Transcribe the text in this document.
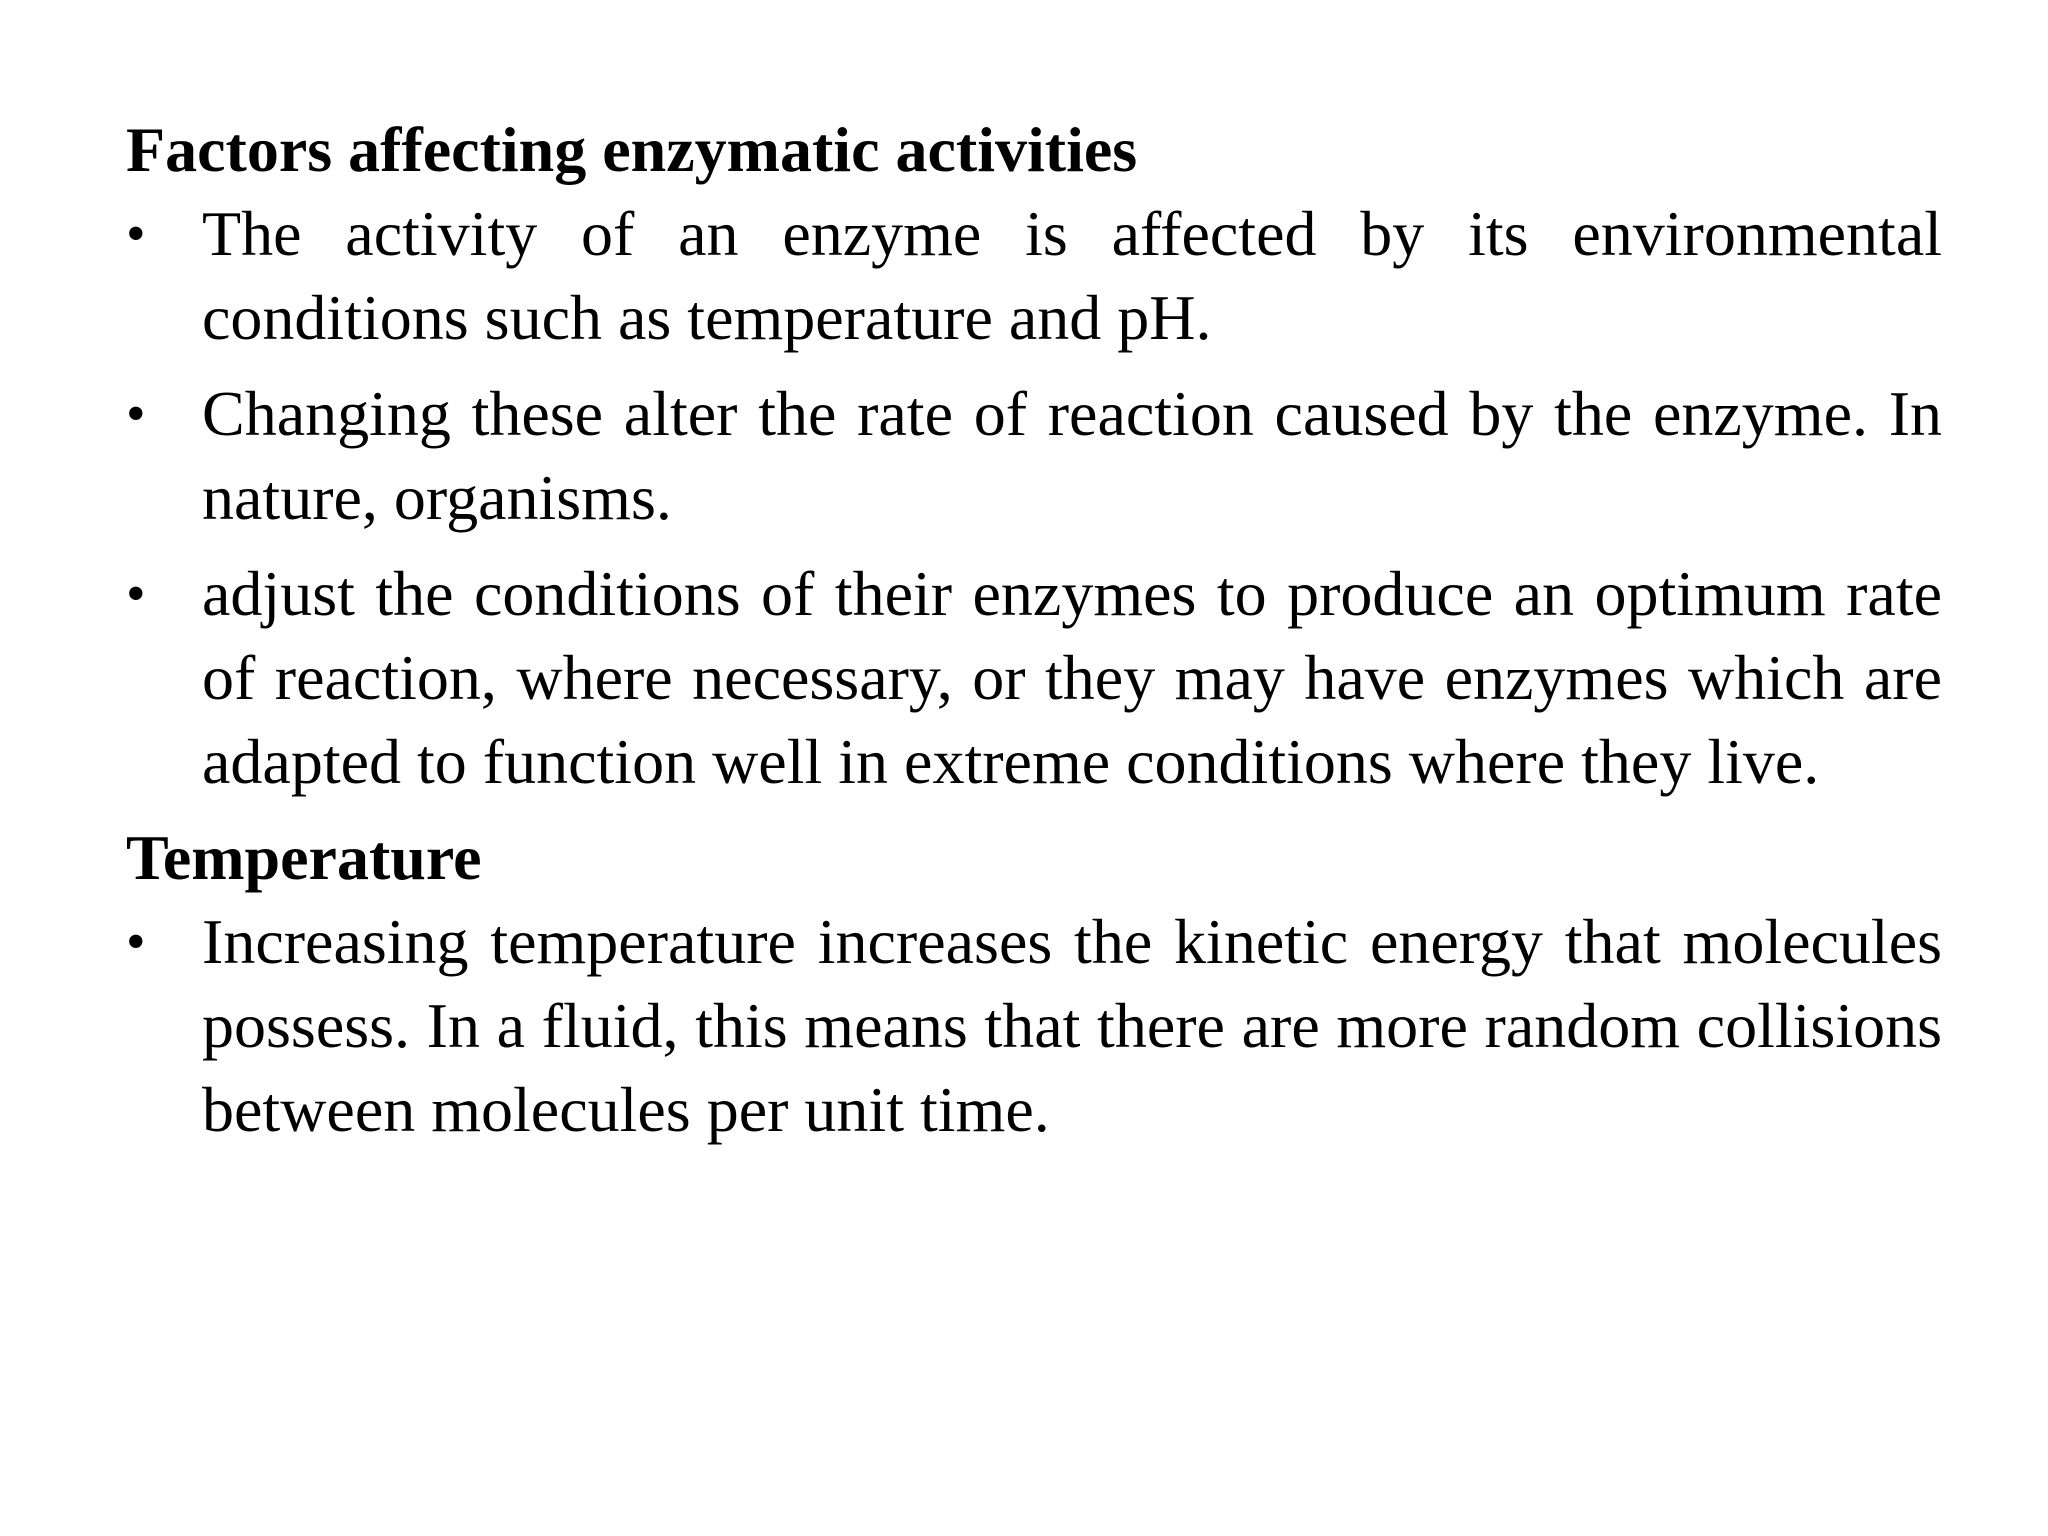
Factors affecting enzymatic activities
• The activity of an enzyme is affected by its environmental conditions such as temperature and pH.
• Changing these alter the rate of reaction caused by the enzyme. In nature, organisms.
• adjust the conditions of their enzymes to produce an optimum rate of reaction, where necessary, or they may have enzymes which are adapted to function well in extreme conditions where they live.
Temperature
• Increasing temperature increases the kinetic energy that molecules possess. In a fluid, this means that there are more random collisions between molecules per unit time.
